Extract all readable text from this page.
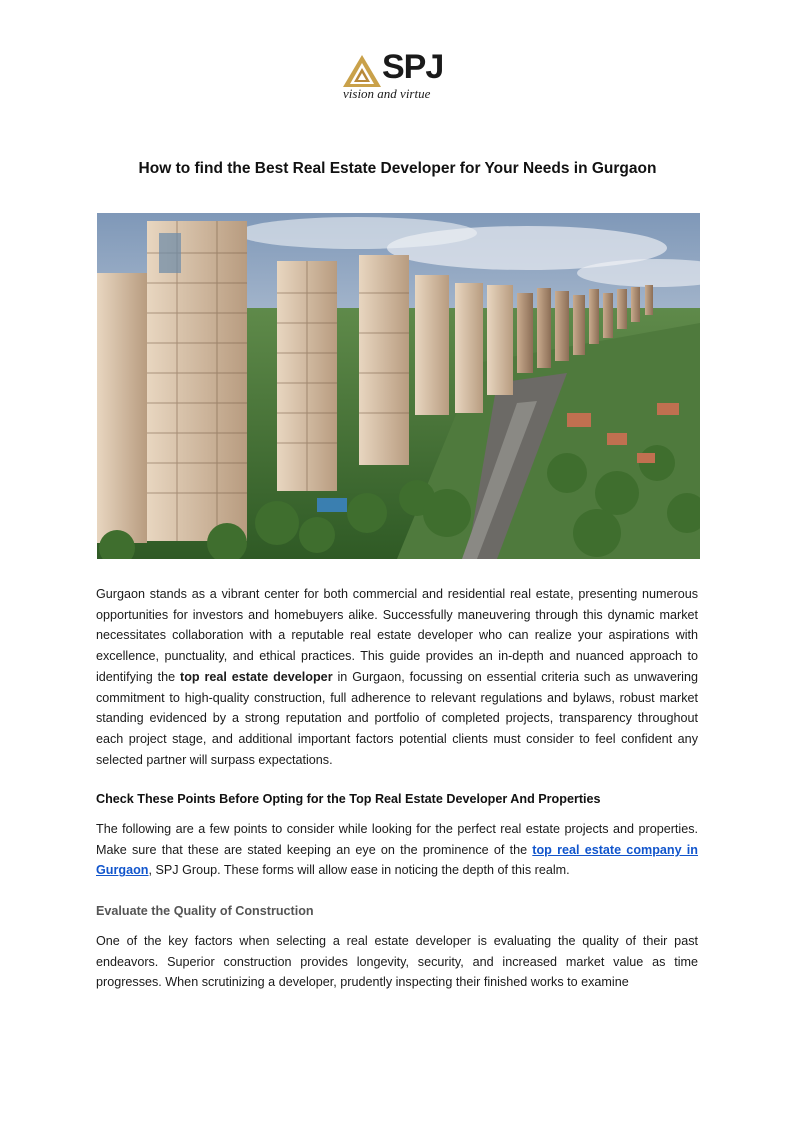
SPJ
vision and virtue
How to find the Best Real Estate Developer for Your Needs in Gurgaon

Gurgaon stands as a vibrant center for both commercial and residential real estate, presenting numerous opportunities for investors and homebuyers alike. Successfully maneuvering through this dynamic market necessitates collaboration with a reputable real estate developer who can realize your aspirations with excellence, punctuality, and ethical practices. This guide provides an in-depth and nuanced approach to identifying the top real estate developer in Gurgaon, focussing on essential criteria such as unwavering commitment to high-quality construction, full adherence to relevant regulations and bylaws, robust market standing evidenced by a strong reputation and portfolio of completed projects, transparency throughout each project stage, and additional important factors potential clients must consider to feel confident any selected partner will surpass expectations.

Check These Points Before Opting for the Top Real Estate Developer And Properties

The following are a few points to consider while looking for the perfect real estate projects and properties. Make sure that these are stated keeping an eye on the prominence of the top real estate company in Gurgaon, SPJ Group. These forms will allow ease in noticing the depth of this realm.

Evaluate the Quality of Construction

One of the key factors when selecting a real estate developer is evaluating the quality of their past endeavors. Superior construction provides longevity, security, and increased market value as time progresses. When scrutinizing a developer, prudently inspecting their finished works to examine
